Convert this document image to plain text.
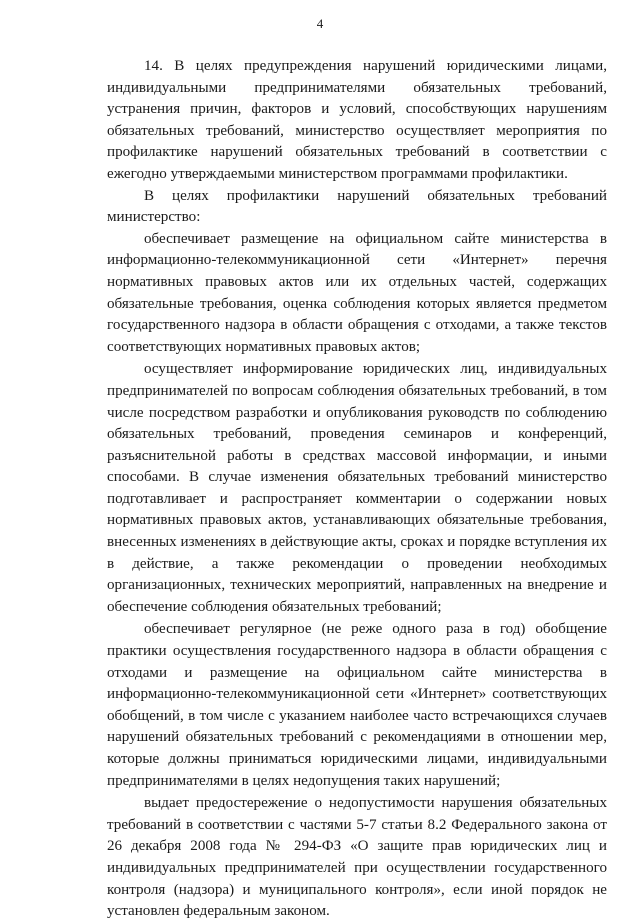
4

14. В целях предупреждения нарушений юридическими лицами, индивидуальными предпринимателями обязательных требований, устранения причин, факторов и условий, способствующих нарушениям обязательных требований, министерство осуществляет мероприятия по профилактике нарушений обязательных требований в соответствии с ежегодно утверждаемыми министерством программами профилактики.

В целях профилактики нарушений обязательных требований министерство:

обеспечивает размещение на официальном сайте министерства в информационно-телекоммуникационной сети «Интернет» перечня нормативных правовых актов или их отдельных частей, содержащих обязательные требования, оценка соблюдения которых является предметом государственного надзора в области обращения с отходами, а также текстов соответствующих нормативных правовых актов;

осуществляет информирование юридических лиц, индивидуальных предпринимателей по вопросам соблюдения обязательных требований, в том числе посредством разработки и опубликования руководств по соблюдению обязательных требований, проведения семинаров и конференций, разъяснительной работы в средствах массовой информации, и иными способами. В случае изменения обязательных требований министерство подготавливает и распространяет комментарии о содержании новых нормативных правовых актов, устанавливающих обязательные требования, внесенных изменениях в действующие акты, сроках и порядке вступления их в действие, а также рекомендации о проведении необходимых организационных, технических мероприятий, направленных на внедрение и обеспечение соблюдения обязательных требований;

обеспечивает регулярное (не реже одного раза в год) обобщение практики осуществления государственного надзора в области обращения с отходами и размещение на официальном сайте министерства в информационно-телекоммуникационной сети «Интернет» соответствующих обобщений, в том числе с указанием наиболее часто встречающихся случаев нарушений обязательных требований с рекомендациями в отношении мер, которые должны приниматься юридическими лицами, индивидуальными предпринимателями в целях недопущения таких нарушений;

выдает предостережение о недопустимости нарушения обязательных требований в соответствии с частями 5-7 статьи 8.2 Федерального закона от 26 декабря 2008 года № 294-ФЗ «О защите прав юридических лиц и индивидуальных предпринимателей при осуществлении государственного контроля (надзора) и муниципального контроля», если иной порядок не установлен федеральным законом.
